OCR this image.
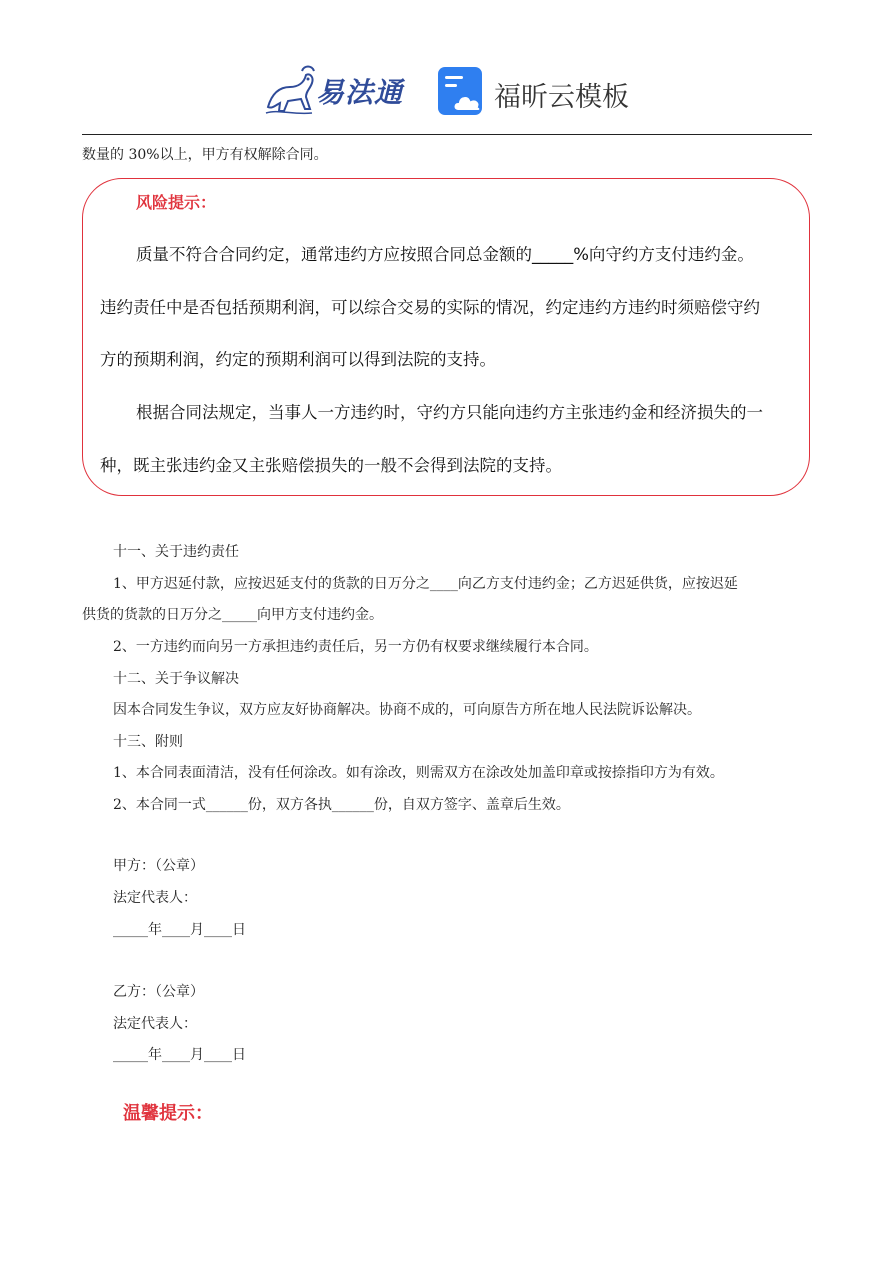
易法通	福昕云模板
数量的 30%以上，甲方有权解除合同。
风险提示：
质量不符合合同约定，通常违约方应按照合同总金额的_____%向守约方支付违约金。
违约责任中是否包括预期利润，可以综合交易的实际的情况，约定违约方违约时须赔偿守约
方的预期利润，约定的预期利润可以得到法院的支持。
根据合同法规定，当事人一方违约时，守约方只能向违约方主张违约金和经济损失的一
种，既主张违约金又主张赔偿损失的一般不会得到法院的支持。
十一、关于违约责任
1、甲方迟延付款，应按迟延支付的货款的日万分之____向乙方支付违约金；乙方迟延供货，应按迟延
供货的货款的日万分之_____向甲方支付违约金。
2、一方违约而向另一方承担违约责任后，另一方仍有权要求继续履行本合同。
十二、关于争议解决
因本合同发生争议，双方应友好协商解决。协商不成的，可向原告方所在地人民法院诉讼解决。
十三、附则
1、本合同表面清洁，没有任何涂改。如有涂改，则需双方在涂改处加盖印章或按捺指印方为有效。
2、本合同一式______份，双方各执______份，自双方签字、盖章后生效。
甲方：（公章）
法定代表人：
_____年____月____日
乙方：（公章）
法定代表人：
_____年____月____日
温馨提示：
